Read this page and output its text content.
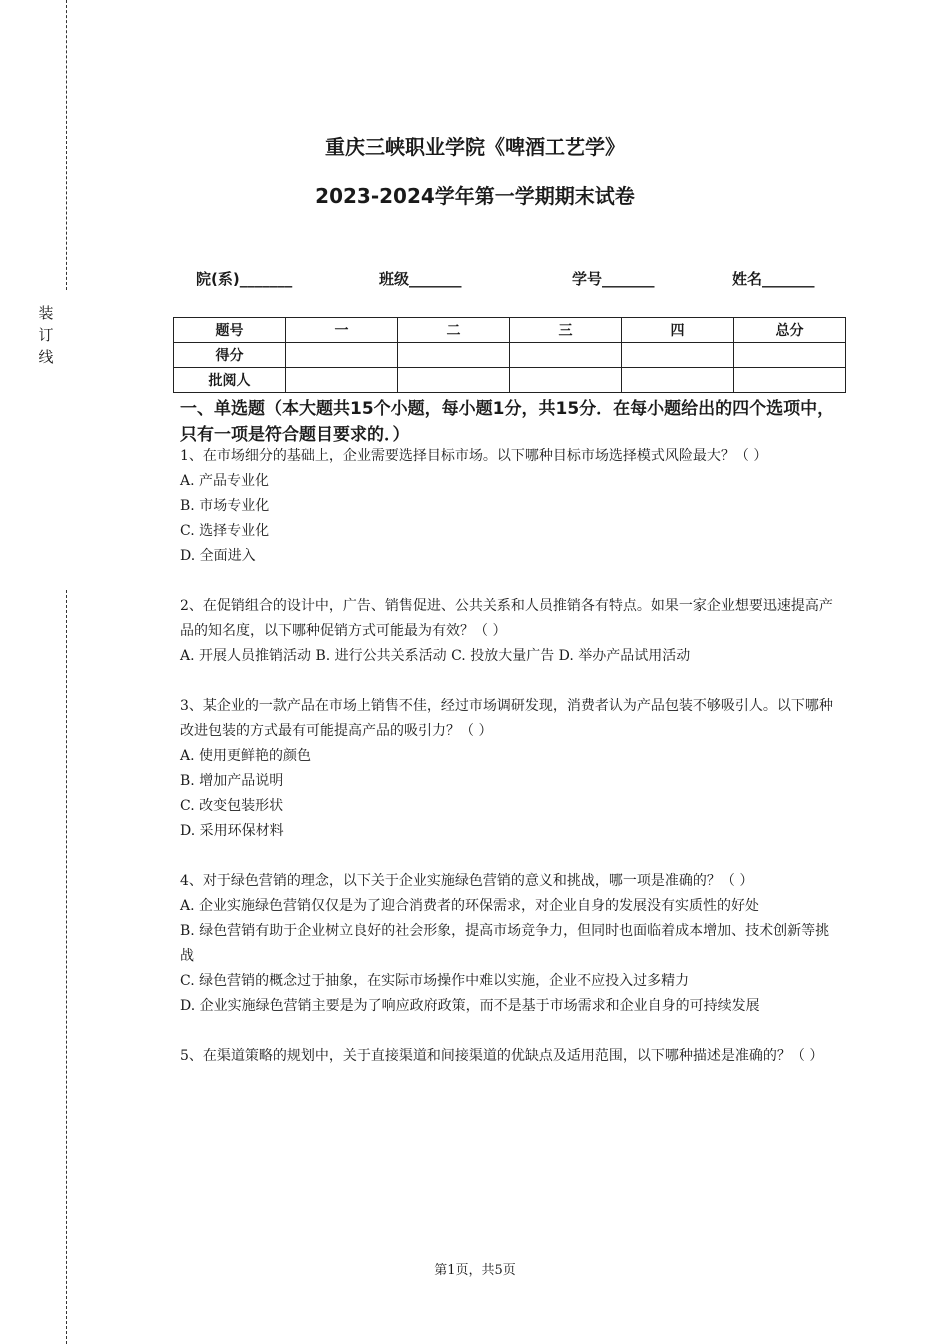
装订线
重庆三峡职业学院《啤酒工艺学》
2023-2024学年第一学期期末试卷
院(系)_______	班级_______	学号_______	姓名_______
题号	一	二	三	四	总分
得分					
批阅人					
一、单选题（本大题共15个小题，每小题1分，共15分．在每小题给出的四个选项中，只有一项是符合题目要求的．）

1、在市场细分的基础上，企业需要选择目标市场。以下哪种目标市场选择模式风险最大？（ ）

A. 产品专业化

B. 市场专业化

C. 选择专业化

D. 全面进入

2、在促销组合的设计中，广告、销售促进、公共关系和人员推销各有特点。如果一家企业想要迅速提高产品的知名度，以下哪种促销方式可能最为有效？（ ）

A. 开展人员推销活动 B. 进行公共关系活动 C. 投放大量广告 D. 举办产品试用活动

3、某企业的一款产品在市场上销售不佳，经过市场调研发现，消费者认为产品包装不够吸引人。以下哪种改进包装的方式最有可能提高产品的吸引力？（ ）

A. 使用更鲜艳的颜色

B. 增加产品说明

C. 改变包装形状

D. 采用环保材料

4、对于绿色营销的理念，以下关于企业实施绿色营销的意义和挑战，哪一项是准确的？（ ）

A. 企业实施绿色营销仅仅是为了迎合消费者的环保需求，对企业自身的发展没有实质性的好处

B. 绿色营销有助于企业树立良好的社会形象，提高市场竞争力，但同时也面临着成本增加、技术创新等挑战

C. 绿色营销的概念过于抽象，在实际市场操作中难以实施，企业不应投入过多精力

D. 企业实施绿色营销主要是为了响应政府政策，而不是基于市场需求和企业自身的可持续发展

5、在渠道策略的规划中，关于直接渠道和间接渠道的优缺点及适用范围，以下哪种描述是准确的？（ ）

第1页，共5页
